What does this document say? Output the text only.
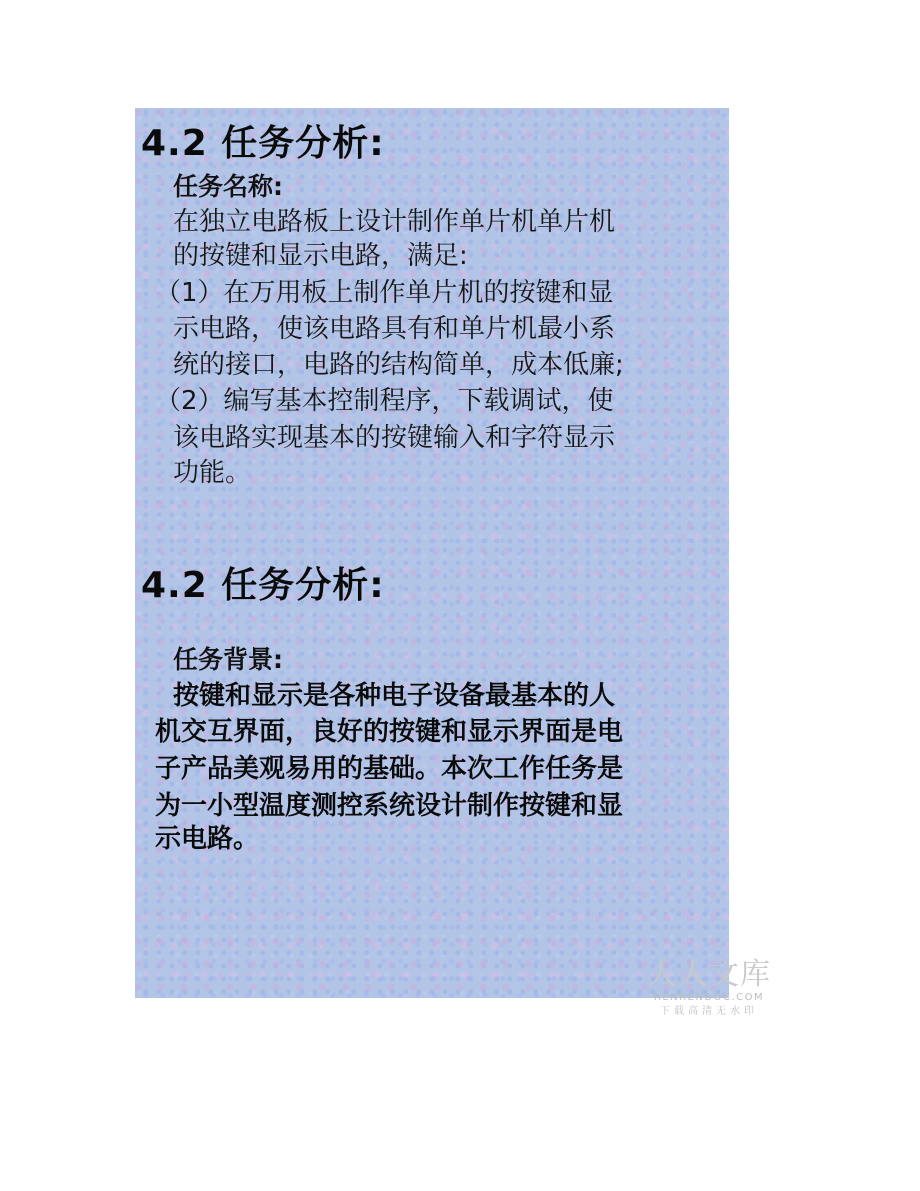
4.2 任务分析:
任务名称:

在独立电路板上设计制作单片机单片机

的按键和显示电路，满足:

（1）在万用板上制作单片机的按键和显

示电路，使该电路具有和单片机最小系

统的接口，电路的结构简单，成本低廉;

（2）编写基本控制程序，下载调试，使

该电路实现基本的按键输入和字符显示

功能。

4.2 任务分析:
任务背景:

按键和显示是各种电子设备最基本的人

机交互界面，良好的按键和显示界面是电

子产品美观易用的基础。本次工作任务是

为一小型温度测控系统设计制作按键和显

示电路。

人人文库
RENRENDOC.COM
下载高清无水印
